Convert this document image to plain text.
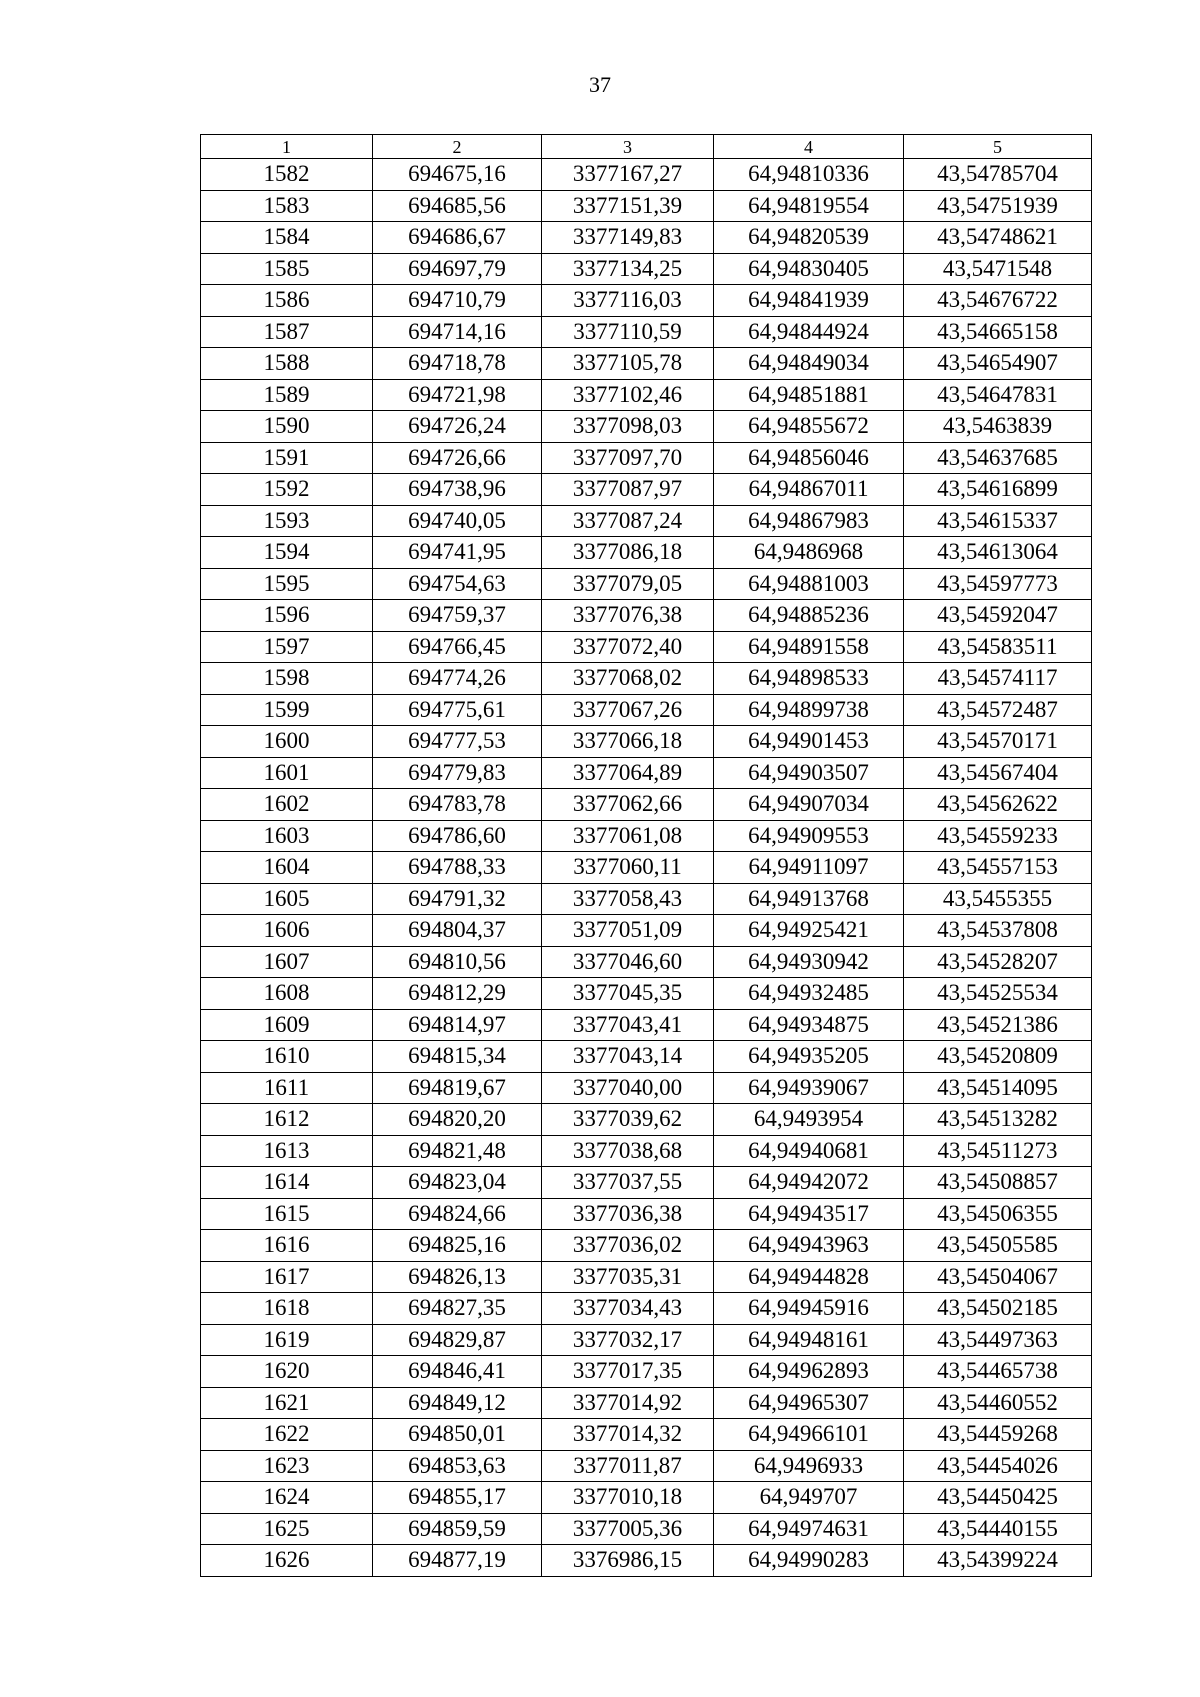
37
1	2	3	4	5
1582	694675,16	3377167,27	64,94810336	43,54785704
1583	694685,56	3377151,39	64,94819554	43,54751939
1584	694686,67	3377149,83	64,94820539	43,54748621
1585	694697,79	3377134,25	64,94830405	43,5471548
1586	694710,79	3377116,03	64,94841939	43,54676722
1587	694714,16	3377110,59	64,94844924	43,54665158
1588	694718,78	3377105,78	64,94849034	43,54654907
1589	694721,98	3377102,46	64,94851881	43,54647831
1590	694726,24	3377098,03	64,94855672	43,5463839
1591	694726,66	3377097,70	64,94856046	43,54637685
1592	694738,96	3377087,97	64,94867011	43,54616899
1593	694740,05	3377087,24	64,94867983	43,54615337
1594	694741,95	3377086,18	64,9486968	43,54613064
1595	694754,63	3377079,05	64,94881003	43,54597773
1596	694759,37	3377076,38	64,94885236	43,54592047
1597	694766,45	3377072,40	64,94891558	43,54583511
1598	694774,26	3377068,02	64,94898533	43,54574117
1599	694775,61	3377067,26	64,94899738	43,54572487
1600	694777,53	3377066,18	64,94901453	43,54570171
1601	694779,83	3377064,89	64,94903507	43,54567404
1602	694783,78	3377062,66	64,94907034	43,54562622
1603	694786,60	3377061,08	64,94909553	43,54559233
1604	694788,33	3377060,11	64,94911097	43,54557153
1605	694791,32	3377058,43	64,94913768	43,5455355
1606	694804,37	3377051,09	64,94925421	43,54537808
1607	694810,56	3377046,60	64,94930942	43,54528207
1608	694812,29	3377045,35	64,94932485	43,54525534
1609	694814,97	3377043,41	64,94934875	43,54521386
1610	694815,34	3377043,14	64,94935205	43,54520809
1611	694819,67	3377040,00	64,94939067	43,54514095
1612	694820,20	3377039,62	64,9493954	43,54513282
1613	694821,48	3377038,68	64,94940681	43,54511273
1614	694823,04	3377037,55	64,94942072	43,54508857
1615	694824,66	3377036,38	64,94943517	43,54506355
1616	694825,16	3377036,02	64,94943963	43,54505585
1617	694826,13	3377035,31	64,94944828	43,54504067
1618	694827,35	3377034,43	64,94945916	43,54502185
1619	694829,87	3377032,17	64,94948161	43,54497363
1620	694846,41	3377017,35	64,94962893	43,54465738
1621	694849,12	3377014,92	64,94965307	43,54460552
1622	694850,01	3377014,32	64,94966101	43,54459268
1623	694853,63	3377011,87	64,9496933	43,54454026
1624	694855,17	3377010,18	64,949707	43,54450425
1625	694859,59	3377005,36	64,94974631	43,54440155
1626	694877,19	3376986,15	64,94990283	43,54399224
